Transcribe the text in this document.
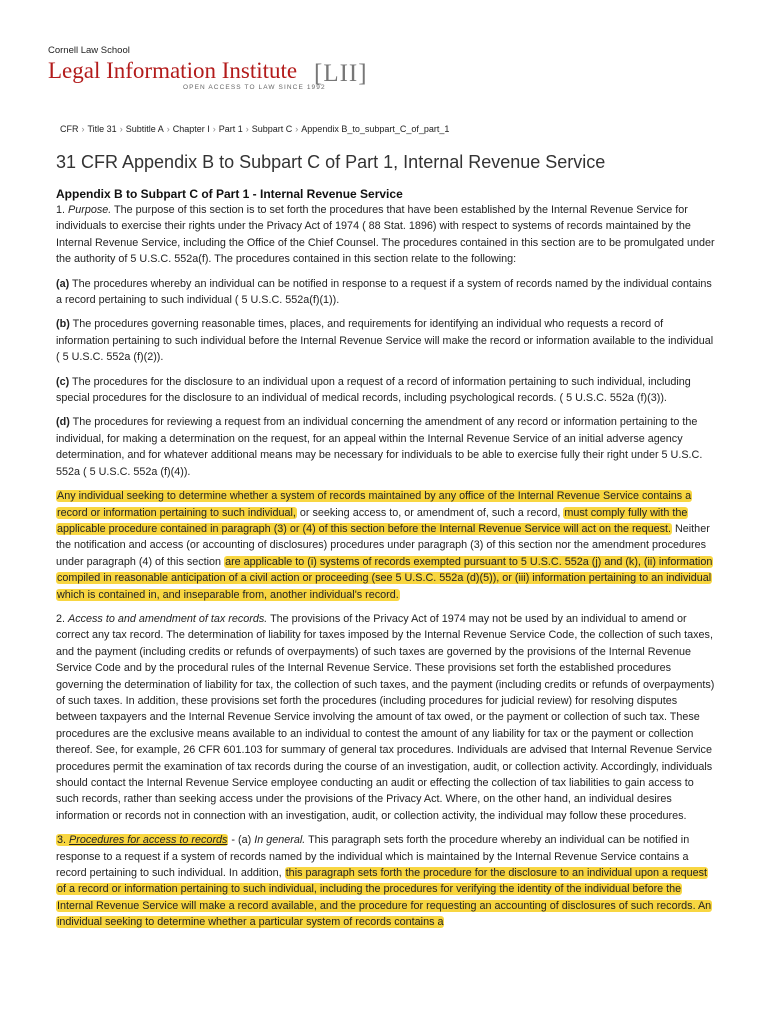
Cornell Law School
Legal Information Institute
OPEN ACCESS TO LAW SINCE 1992
[LII]
CFR › Title 31 › Subtitle A › Chapter I › Part 1 › Subpart C › Appendix B_to_subpart_C_of_part_1
31 CFR Appendix B to Subpart C of Part 1, Internal Revenue Service
Appendix B to Subpart C of Part 1 - Internal Revenue Service

1. Purpose. The purpose of this section is to set forth the procedures that have been established by the Internal Revenue Service for individuals to exercise their rights under the Privacy Act of 1974 ( 88 Stat. 1896) with respect to systems of records maintained by the Internal Revenue Service, including the Office of the Chief Counsel. The procedures contained in this section are to be promulgated under the authority of 5 U.S.C. 552a(f). The procedures contained in this section relate to the following:

(a) The procedures whereby an individual can be notified in response to a request if a system of records named by the individual contains a record pertaining to such individual ( 5 U.S.C. 552a(f)(1)).

(b) The procedures governing reasonable times, places, and requirements for identifying an individual who requests a record of information pertaining to such individual before the Internal Revenue Service will make the record or information available to the individual ( 5 U.S.C. 552a (f)(2)).

(c) The procedures for the disclosure to an individual upon a request of a record of information pertaining to such individual, including special procedures for the disclosure to an individual of medical records, including psychological records. ( 5 U.S.C. 552a (f)(3)).

(d) The procedures for reviewing a request from an individual concerning the amendment of any record or information pertaining to the individual, for making a determination on the request, for an appeal within the Internal Revenue Service of an initial adverse agency determination, and for whatever additional means may be necessary for individuals to be able to exercise fully their right under 5 U.S.C. 552a ( 5 U.S.C. 552a (f)(4)).

Any individual seeking to determine whether a system of records maintained by any office of the Internal Revenue Service contains a record or information pertaining to such individual, or seeking access to, or amendment of, such a record, must comply fully with the applicable procedure contained in paragraph (3) or (4) of this section before the Internal Revenue Service will act on the request. Neither the notification and access (or accounting of disclosures) procedures under paragraph (3) of this section nor the amendment procedures under paragraph (4) of this section are applicable to (i) systems of records exempted pursuant to 5 U.S.C. 552a (j) and (k), (ii) information compiled in reasonable anticipation of a civil action or proceeding (see 5 U.S.C. 552a (d)(5)), or (iii) information pertaining to an individual which is contained in, and inseparable from, another individual's record.

2. Access to and amendment of tax records. The provisions of the Privacy Act of 1974 may not be used by an individual to amend or correct any tax record. The determination of liability for taxes imposed by the Internal Revenue Service Code, the collection of such taxes, and the payment (including credits or refunds of overpayments) of such taxes are governed by the provisions of the Internal Revenue Service Code and by the procedural rules of the Internal Revenue Service. These provisions set forth the established procedures governing the determination of liability for tax, the collection of such taxes, and the payment (including credits or refunds of overpayments) of such taxes. In addition, these provisions set forth the procedures (including procedures for judicial review) for resolving disputes between taxpayers and the Internal Revenue Service involving the amount of tax owed, or the payment or collection of such tax. These procedures are the exclusive means available to an individual to contest the amount of any liability for tax or the payment or collection thereof. See, for example, 26 CFR 601.103 for summary of general tax procedures. Individuals are advised that Internal Revenue Service procedures permit the examination of tax records during the course of an investigation, audit, or collection activity. Accordingly, individuals should contact the Internal Revenue Service employee conducting an audit or effecting the collection of tax liabilities to gain access to such records, rather than seeking access under the provisions of the Privacy Act. Where, on the other hand, an individual desires information or records not in connection with an investigation, audit, or collection activity, the individual may follow these procedures.

3. Procedures for access to records - (a) In general. This paragraph sets forth the procedure whereby an individual can be notified in response to a request if a system of records named by the individual which is maintained by the Internal Revenue Service contains a record pertaining to such individual. In addition, this paragraph sets forth the procedure for the disclosure to an individual upon a request of a record or information pertaining to such individual, including the procedures for verifying the identity of the individual before the Internal Revenue Service will make a record available, and the procedure for requesting an accounting of disclosures of such records. An individual seeking to determine whether a particular system of records contains a
